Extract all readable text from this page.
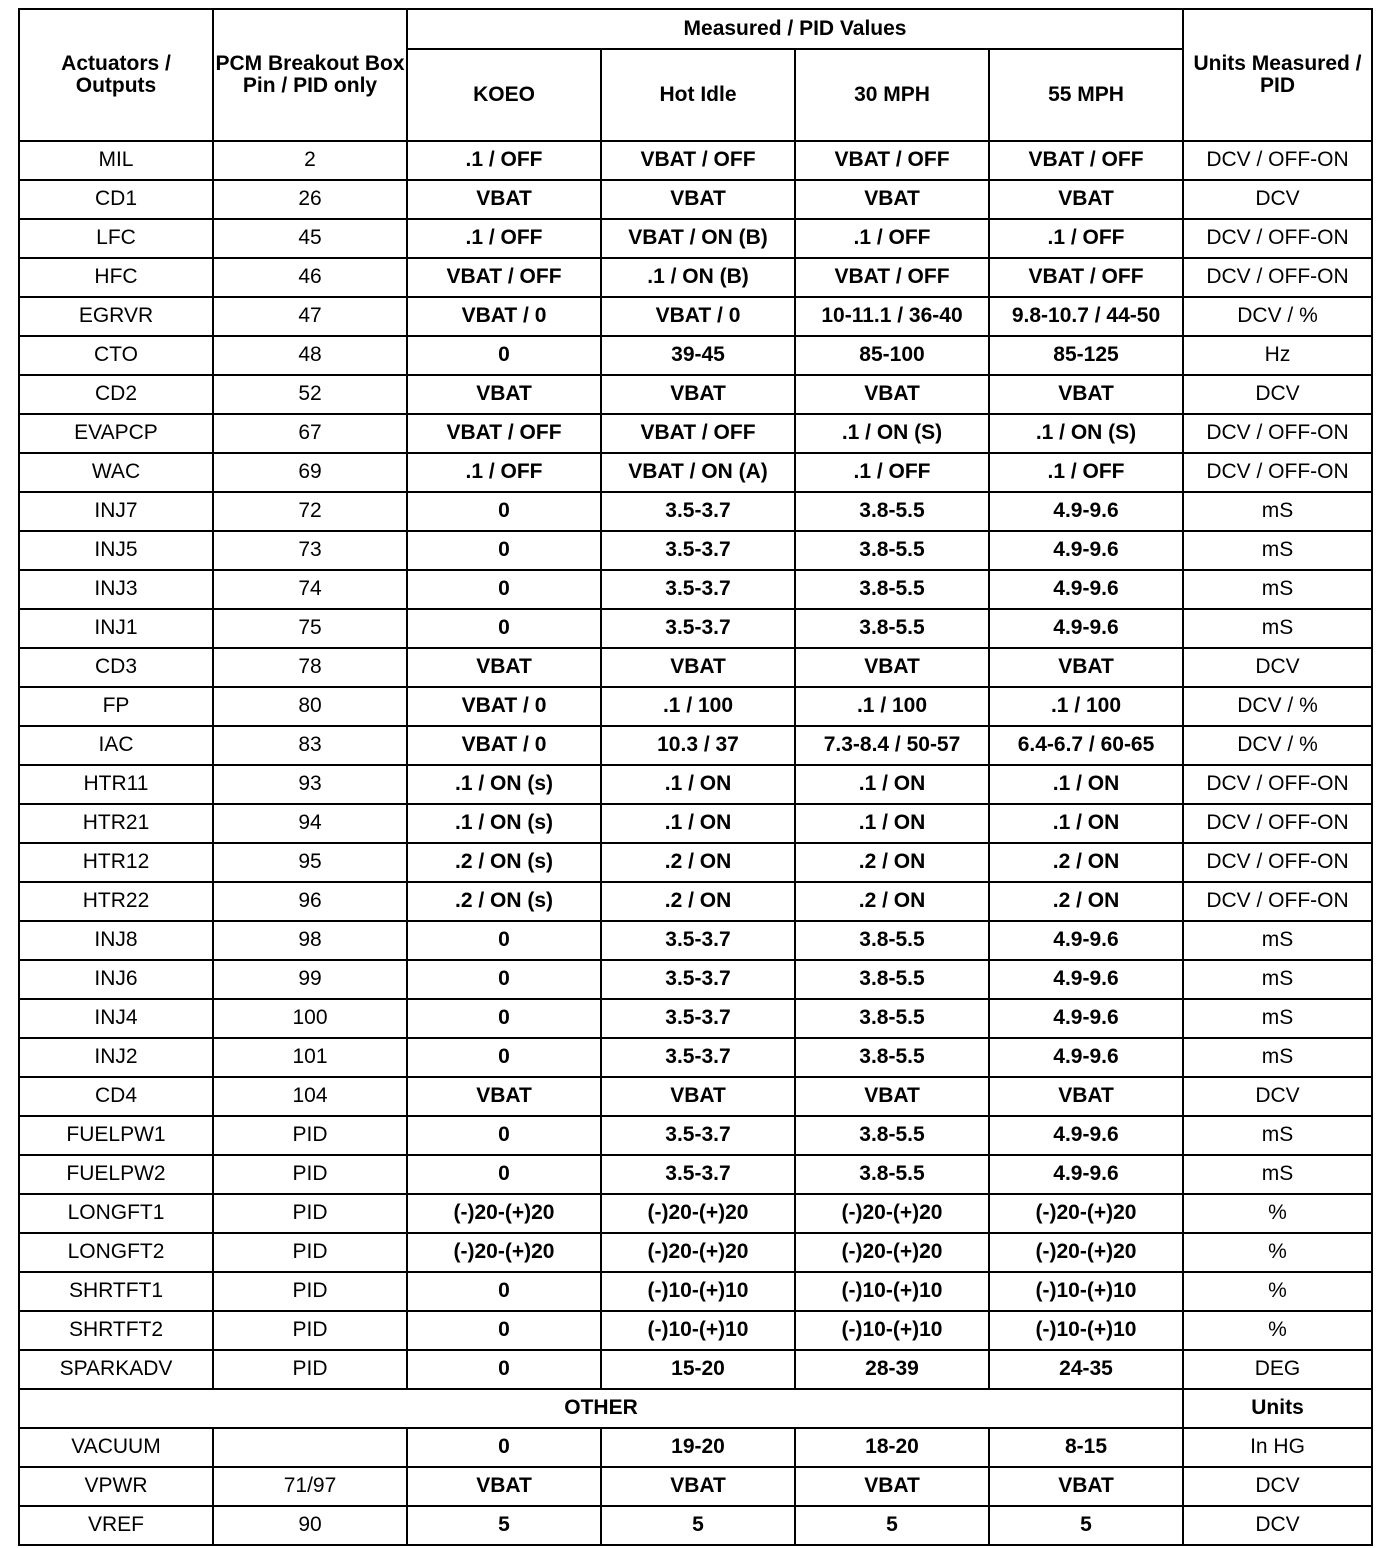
Actuators / Outputs	PCM Breakout Box Pin / PID only	Measured / PID Values				Units Measured / PID
		KOEO	Hot Idle	30 MPH	55 MPH	
MIL	2	.1 / OFF	VBAT / OFF	VBAT / OFF	VBAT / OFF	DCV / OFF-ON
CD1	26	VBAT	VBAT	VBAT	VBAT	DCV
LFC	45	.1 / OFF	VBAT / ON (B)	.1 / OFF	.1 / OFF	DCV / OFF-ON
HFC	46	VBAT / OFF	.1 / ON (B)	VBAT / OFF	VBAT / OFF	DCV / OFF-ON
EGRVR	47	VBAT / 0	VBAT / 0	10-11.1 / 36-40	9.8-10.7 / 44-50	DCV / %
CTO	48	0	39-45	85-100	85-125	Hz
CD2	52	VBAT	VBAT	VBAT	VBAT	DCV
EVAPCP	67	VBAT / OFF	VBAT / OFF	.1 / ON (S)	.1 / ON (S)	DCV / OFF-ON
WAC	69	.1 / OFF	VBAT / ON (A)	.1 / OFF	.1 / OFF	DCV / OFF-ON
INJ7	72	0	3.5-3.7	3.8-5.5	4.9-9.6	mS
INJ5	73	0	3.5-3.7	3.8-5.5	4.9-9.6	mS
INJ3	74	0	3.5-3.7	3.8-5.5	4.9-9.6	mS
INJ1	75	0	3.5-3.7	3.8-5.5	4.9-9.6	mS
CD3	78	VBAT	VBAT	VBAT	VBAT	DCV
FP	80	VBAT / 0	.1 / 100	.1 / 100	.1 / 100	DCV / %
IAC	83	VBAT / 0	10.3 / 37	7.3-8.4 / 50-57	6.4-6.7 / 60-65	DCV / %
HTR11	93	.1 / ON (s)	.1 / ON	.1 / ON	.1 / ON	DCV / OFF-ON
HTR21	94	.1 / ON (s)	.1 / ON	.1 / ON	.1 / ON	DCV / OFF-ON
HTR12	95	.2 / ON (s)	.2 / ON	.2 / ON	.2 / ON	DCV / OFF-ON
HTR22	96	.2 / ON (s)	.2 / ON	.2 / ON	.2 / ON	DCV / OFF-ON
INJ8	98	0	3.5-3.7	3.8-5.5	4.9-9.6	mS
INJ6	99	0	3.5-3.7	3.8-5.5	4.9-9.6	mS
INJ4	100	0	3.5-3.7	3.8-5.5	4.9-9.6	mS
INJ2	101	0	3.5-3.7	3.8-5.5	4.9-9.6	mS
CD4	104	VBAT	VBAT	VBAT	VBAT	DCV
FUELPW1	PID	0	3.5-3.7	3.8-5.5	4.9-9.6	mS
FUELPW2	PID	0	3.5-3.7	3.8-5.5	4.9-9.6	mS
LONGFT1	PID	(-)20-(+)20	(-)20-(+)20	(-)20-(+)20	(-)20-(+)20	%
LONGFT2	PID	(-)20-(+)20	(-)20-(+)20	(-)20-(+)20	(-)20-(+)20	%
SHRTFT1	PID	0	(-)10-(+)10	(-)10-(+)10	(-)10-(+)10	%
SHRTFT2	PID	0	(-)10-(+)10	(-)10-(+)10	(-)10-(+)10	%
SPARKADV	PID	0	15-20	28-39	24-35	DEG
OTHER						Units
VACUUM		0	19-20	18-20	8-15	In HG
VPWR	71/97	VBAT	VBAT	VBAT	VBAT	DCV
VREF	90	5	5	5	5	DCV
